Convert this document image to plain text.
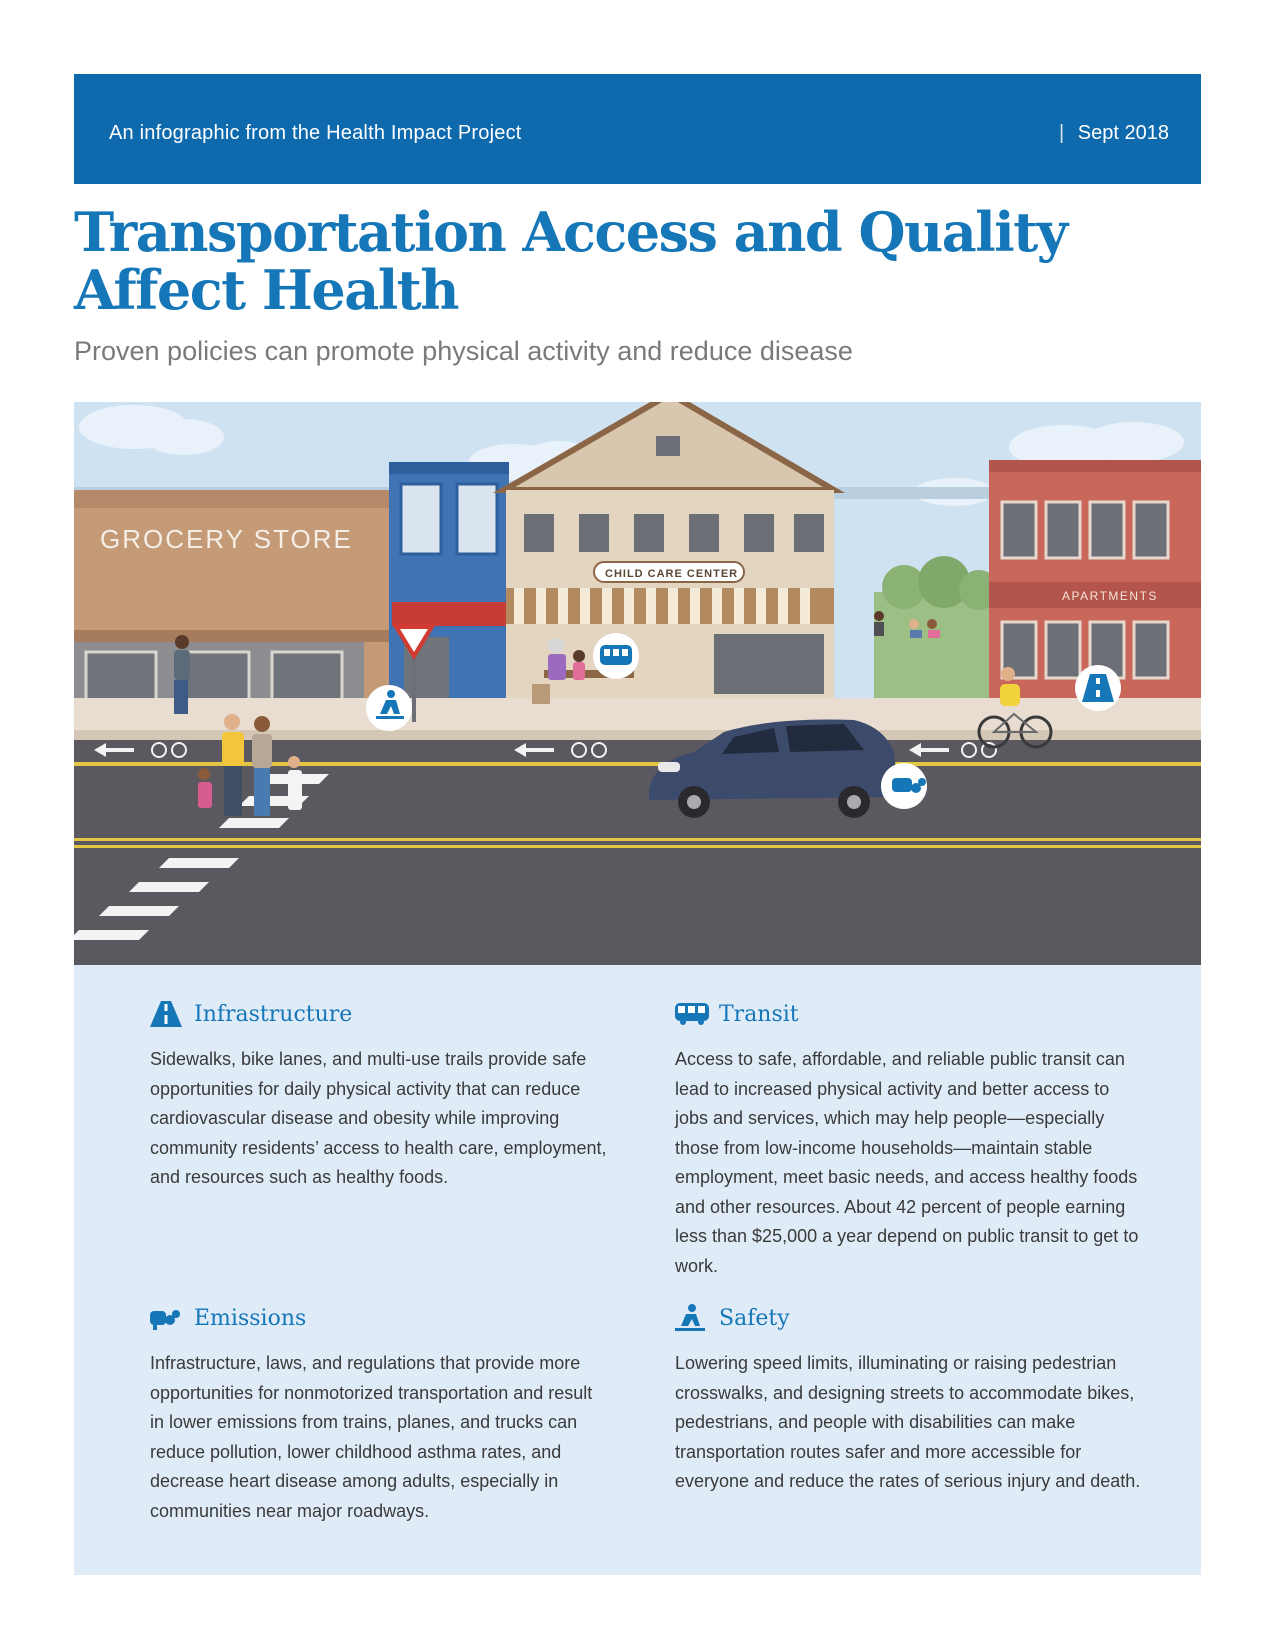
An infographic from the Health Impact Project	| Sept 2018
Transportation Access and Quality Affect Health
Proven policies can promote physical activity and reduce disease
GROCERY STORE
CHILD CARE CENTER
APARTMENTS
Infrastructure

Sidewalks, bike lanes, and multi-use trails provide safe opportunities for daily physical activity that can reduce cardiovascular disease and obesity while improving community residents’ access to health care, employment, and resources such as healthy foods.

Transit

Access to safe, affordable, and reliable public transit can lead to increased physical activity and better access to jobs and services, which may help people—especially those from low-income households—maintain stable employment, meet basic needs, and access healthy foods and other resources. About 42 percent of people earning less than $25,000 a year depend on public transit to get to work.

Emissions

Infrastructure, laws, and regulations that provide more opportunities for nonmotorized transportation and result in lower emissions from trains, planes, and trucks can reduce pollution, lower childhood asthma rates, and decrease heart disease among adults, especially in communities near major roadways.

Safety

Lowering speed limits, illuminating or raising pedestrian crosswalks, and designing streets to accommodate bikes, pedestrians, and people with disabilities can make transportation routes safer and more accessible for everyone and reduce the rates of serious injury and death.
